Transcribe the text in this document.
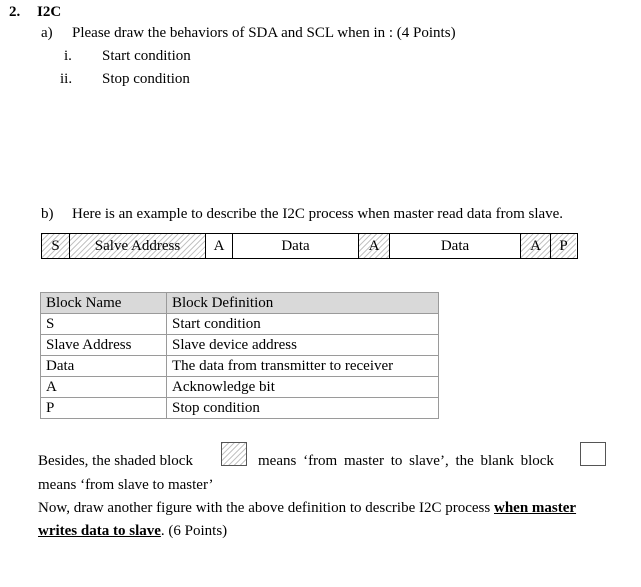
2. I2C
a) Please draw the behaviors of SDA and SCL when in : (4 Points)
i. Start condition
ii. Stop condition
b) Here is an example to describe the I2C process when master read data from slave.
S Salve Address A	Data	A	Data	A P
Block Name	Block Definition
S	Start condition
Slave Address	Slave device address
Data	The data from transmitter to receiver
A	Acknowledge bit
P	Stop condition
Besides, the shaded block	means ‘from master to slave’, the blank block
means ‘from slave to master’
Now, draw another figure with the above definition to describe I2C process when master
writes data to slave. (6 Points)
